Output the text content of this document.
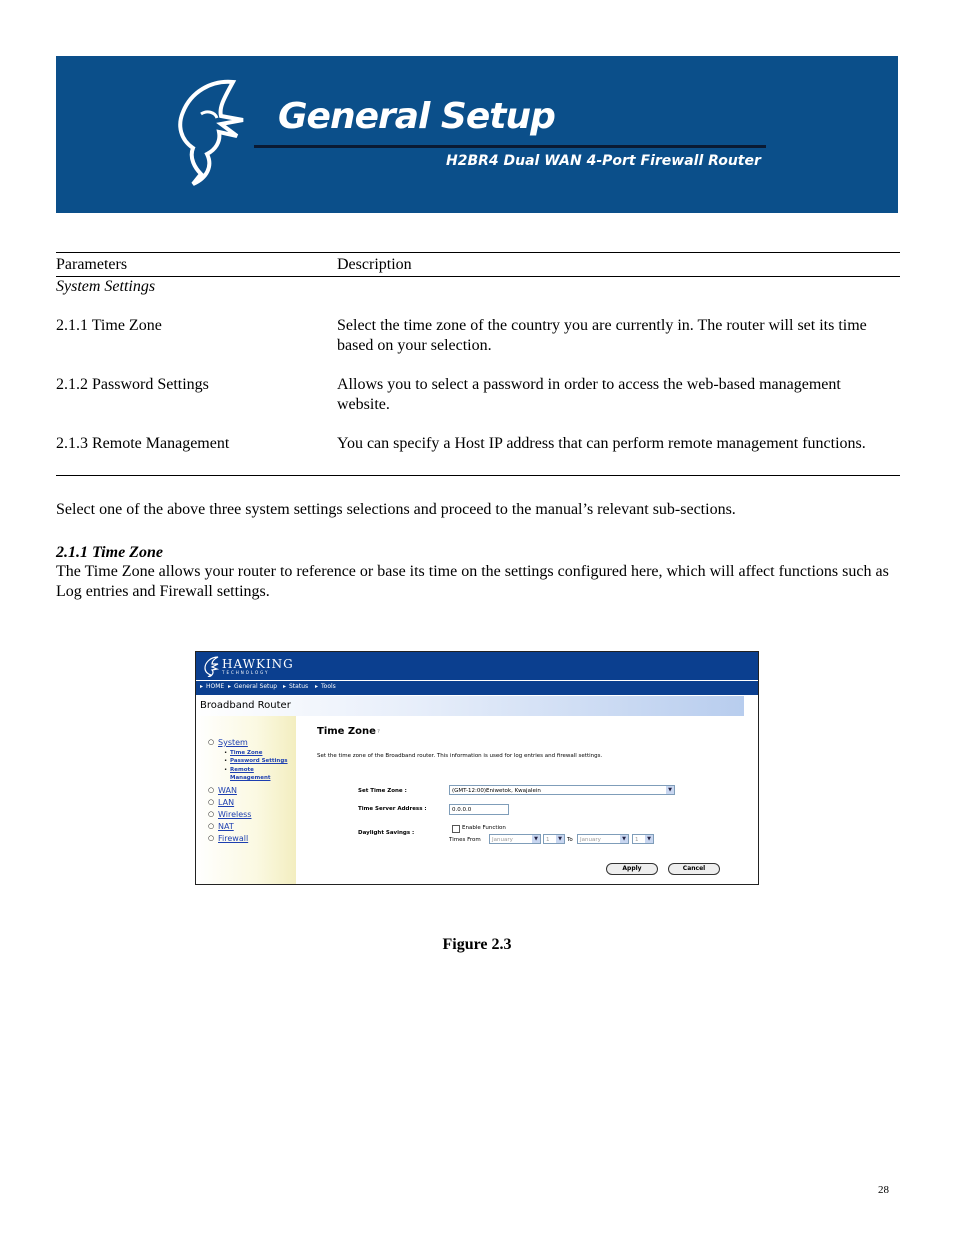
General Setup
H2BR4 Dual WAN 4-Port Firewall Router
Parameters	Description
System Settings
2.1.1 Time Zone	Select the time zone of the country you are currently in. The router will set its time based on your selection.
2.1.2 Password Settings	Allows you to select a password in order to access the web-based management website.
2.1.3 Remote Management	You can specify a Host IP address that can perform remote management functions.
Select one of the above three system settings selections and proceed to the manual’s relevant sub-sections.
2.1.1 Time Zone
The Time Zone allows your router to reference or base its time on the settings configured here, which will affect functions such as Log entries and Firewall settings.
HAWKING
TECHNOLOGY
▸ HOME ▸ General Setup ▸ Status ▸ Tools
Broadband Router
○ System
• Time Zone
• Password Settings
• Remote
Management
○ WAN
○ LAN
○ Wireless
○ NAT
○ Firewall
Time Zone ?
Set the time zone of the Broadband router. This information is used for log entries and firewall settings.
Set Time Zone :	(GMT-12:00)Eniwetok, Kwajalein	▼
Time Server Address :	0.0.0.0
Daylight Savings :
Enable Function
Times From	January	▼	1	▼ To	January	▼	1	▼
Apply	Cancel
Figure 2.3
28
